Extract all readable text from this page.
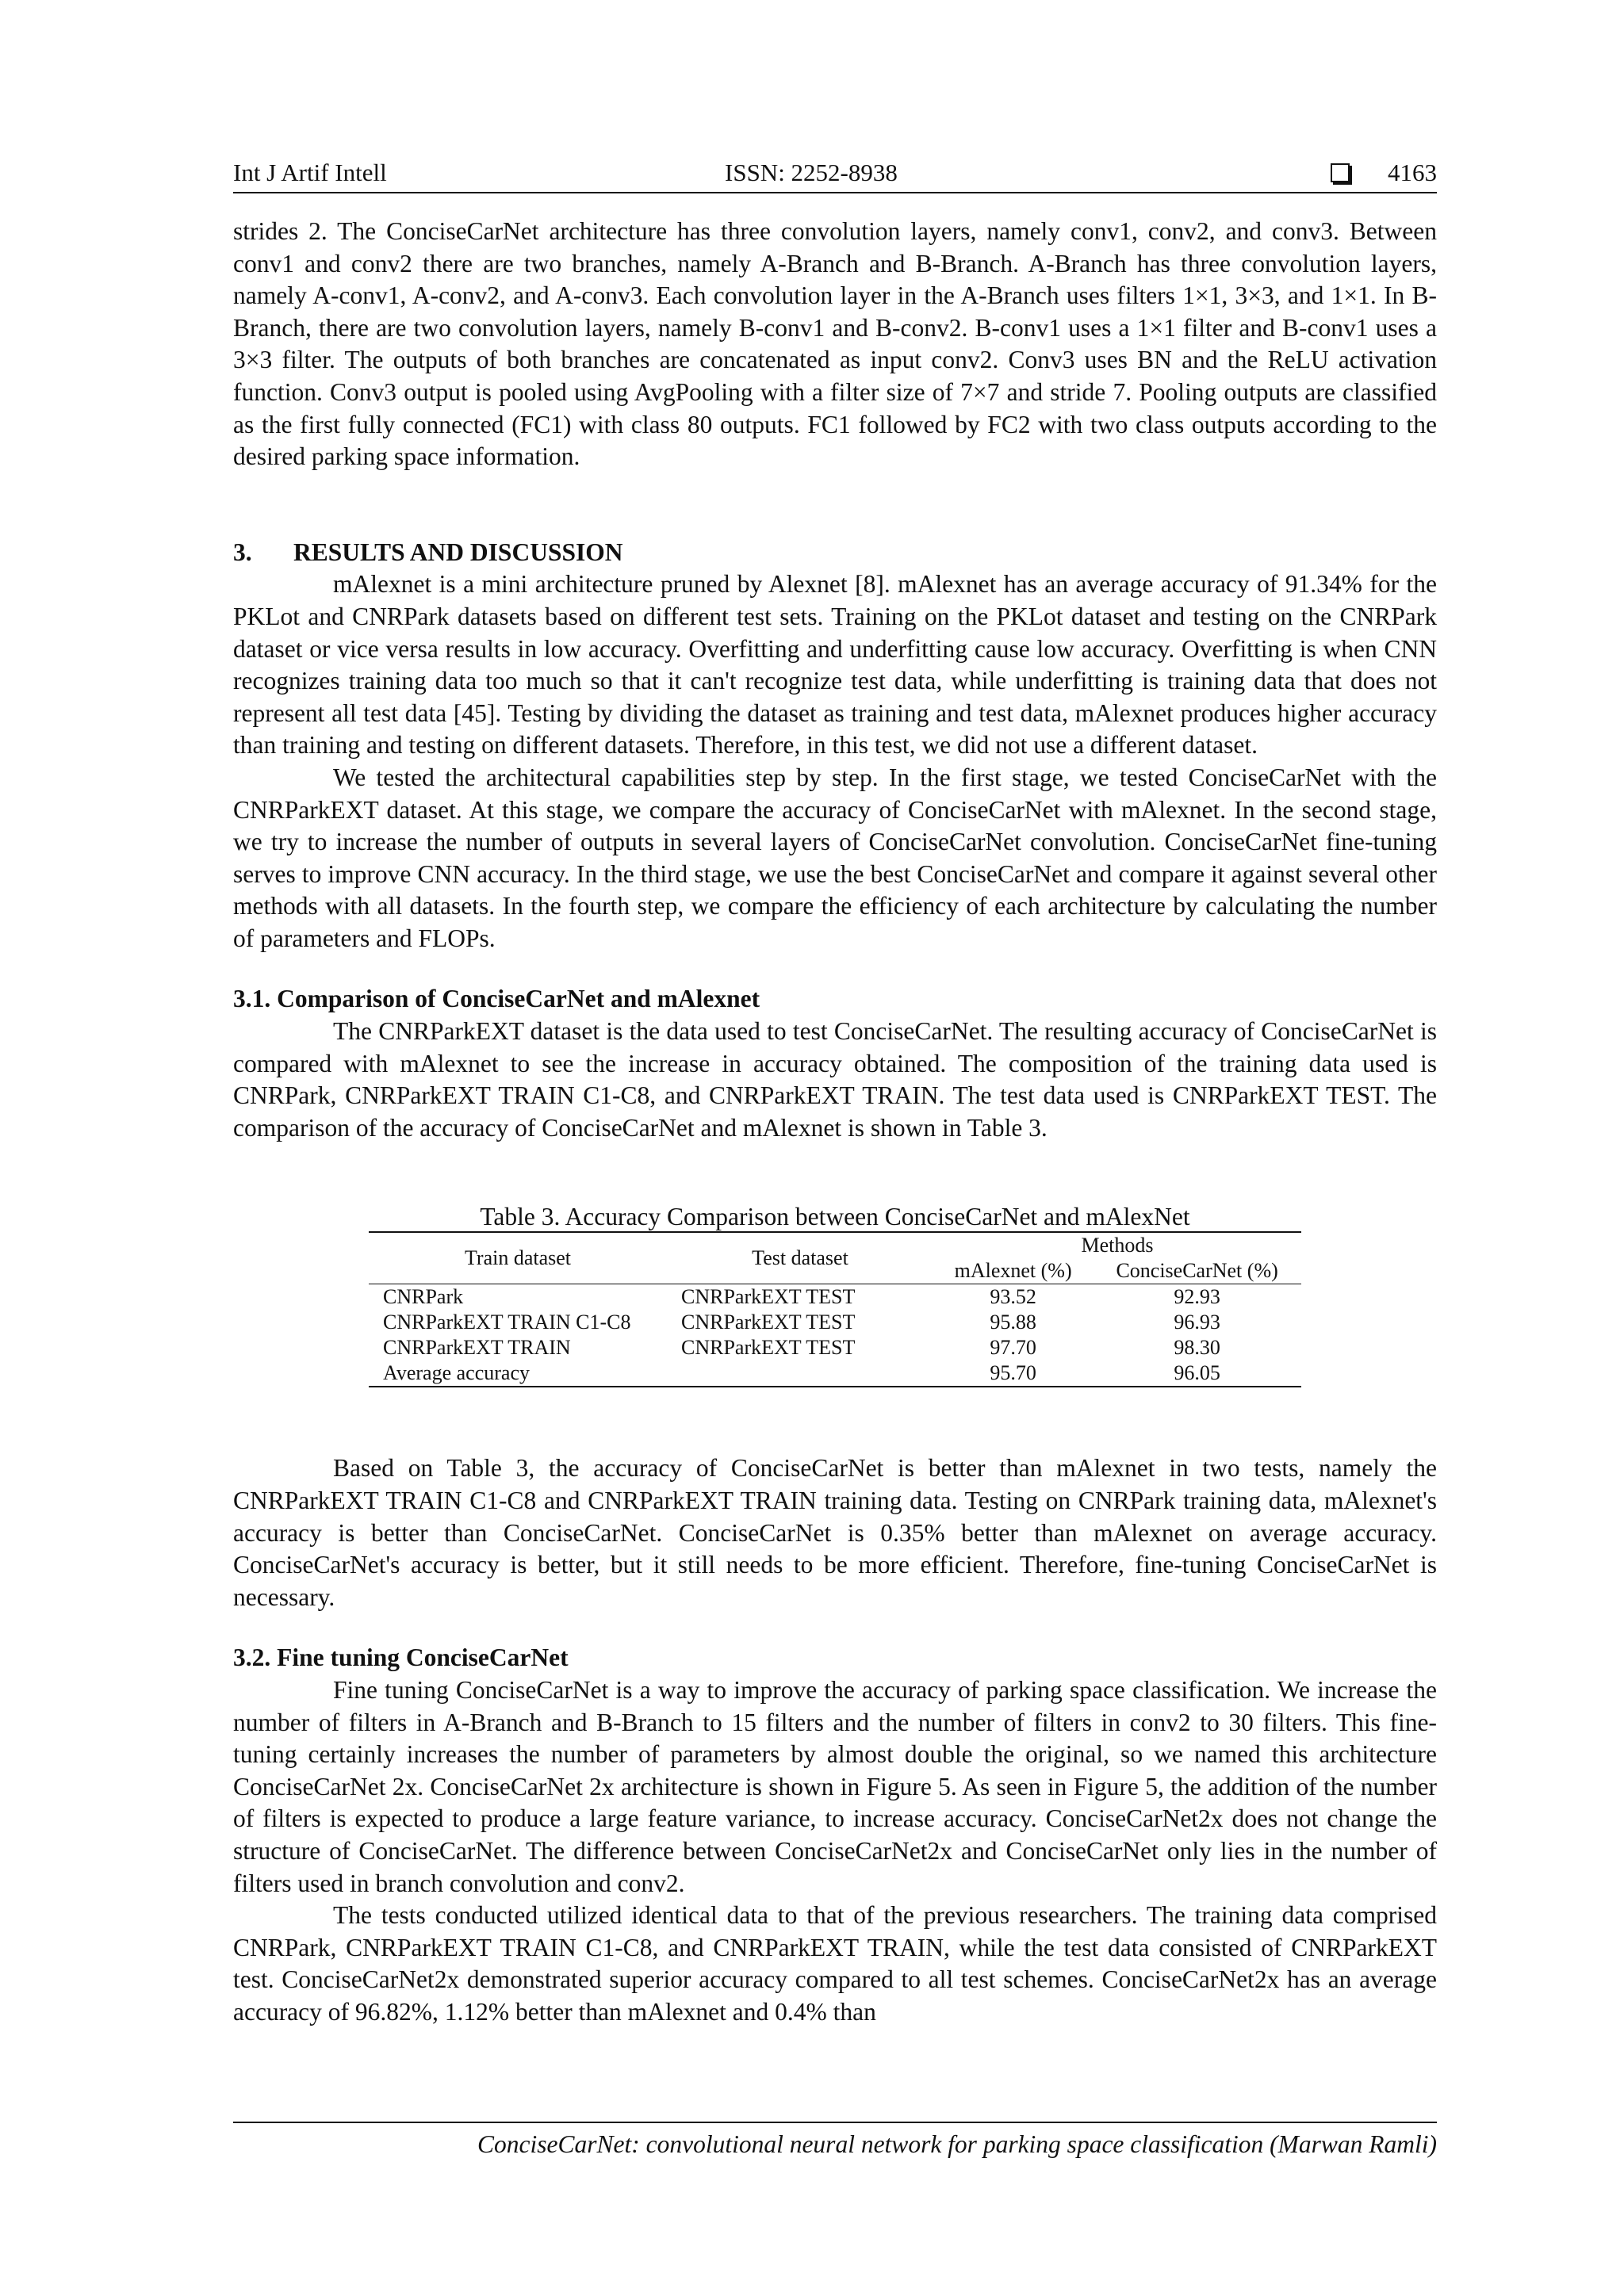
Int J Artif Intell	ISSN: 2252-8938	4163

strides 2. The ConciseCarNet architecture has three convolution layers, namely conv1, conv2, and conv3. Between conv1 and conv2 there are two branches, namely A-Branch and B-Branch. A-Branch has three convolution layers, namely A-conv1, A-conv2, and A-conv3. Each convolution layer in the A-Branch uses filters 1×1, 3×3, and 1×1. In B-Branch, there are two convolution layers, namely B-conv1 and B-conv2. B-conv1 uses a 1×1 filter and B-conv1 uses a 3×3 filter. The outputs of both branches are concatenated as input conv2. Conv3 uses BN and the ReLU activation function. Conv3 output is pooled using AvgPooling with a filter size of 7×7 and stride 7. Pooling outputs are classified as the first fully connected (FC1) with class 80 outputs. FC1 followed by FC2 with two class outputs according to the desired parking space information.

3. RESULTS AND DISCUSSION

mAlexnet is a mini architecture pruned by Alexnet [8]. mAlexnet has an average accuracy of 91.34% for the PKLot and CNRPark datasets based on different test sets. Training on the PKLot dataset and testing on the CNRPark dataset or vice versa results in low accuracy. Overfitting and underfitting cause low accuracy. Overfitting is when CNN recognizes training data too much so that it can't recognize test data, while underfitting is training data that does not represent all test data [45]. Testing by dividing the dataset as training and test data, mAlexnet produces higher accuracy than training and testing on different datasets. Therefore, in this test, we did not use a different dataset.

We tested the architectural capabilities step by step. In the first stage, we tested ConciseCarNet with the CNRParkEXT dataset. At this stage, we compare the accuracy of ConciseCarNet with mAlexnet. In the second stage, we try to increase the number of outputs in several layers of ConciseCarNet convolution. ConciseCarNet fine-tuning serves to improve CNN accuracy. In the third stage, we use the best ConciseCarNet and compare it against several other methods with all datasets. In the fourth step, we compare the efficiency of each architecture by calculating the number of parameters and FLOPs.

3.1. Comparison of ConciseCarNet and mAlexnet

The CNRParkEXT dataset is the data used to test ConciseCarNet. The resulting accuracy of ConciseCarNet is compared with mAlexnet to see the increase in accuracy obtained. The composition of the training data used is CNRPark, CNRParkEXT TRAIN C1-C8, and CNRParkEXT TRAIN. The test data used is CNRParkEXT TEST. The comparison of the accuracy of ConciseCarNet and mAlexnet is shown in Table 3.

Table 3. Accuracy Comparison between ConciseCarNet and mAlexNet
Train dataset	Test dataset	Methods	
		mAlexnet (%)	ConciseCarNet (%)
CNRPark	CNRParkEXT TEST	93.52	92.93
CNRParkEXT TRAIN C1-C8	CNRParkEXT TEST	95.88	96.93
CNRParkEXT TRAIN	CNRParkEXT TEST	97.70	98.30
Average accuracy		95.70	96.05

Based on Table 3, the accuracy of ConciseCarNet is better than mAlexnet in two tests, namely the CNRParkEXT TRAIN C1-C8 and CNRParkEXT TRAIN training data. Testing on CNRPark training data, mAlexnet's accuracy is better than ConciseCarNet. ConciseCarNet is 0.35% better than mAlexnet on average accuracy. ConciseCarNet's accuracy is better, but it still needs to be more efficient. Therefore, fine-tuning ConciseCarNet is necessary.

3.2. Fine tuning ConciseCarNet

Fine tuning ConciseCarNet is a way to improve the accuracy of parking space classification. We increase the number of filters in A-Branch and B-Branch to 15 filters and the number of filters in conv2 to 30 filters. This fine-tuning certainly increases the number of parameters by almost double the original, so we named this architecture ConciseCarNet 2x. ConciseCarNet 2x architecture is shown in Figure 5. As seen in Figure 5, the addition of the number of filters is expected to produce a large feature variance, to increase accuracy. ConciseCarNet2x does not change the structure of ConciseCarNet. The difference between ConciseCarNet2x and ConciseCarNet only lies in the number of filters used in branch convolution and conv2.

The tests conducted utilized identical data to that of the previous researchers. The training data comprised CNRPark, CNRParkEXT TRAIN C1-C8, and CNRParkEXT TRAIN, while the test data consisted of CNRParkEXT test. ConciseCarNet2x demonstrated superior accuracy compared to all test schemes. ConciseCarNet2x has an average accuracy of 96.82%, 1.12% better than mAlexnet and 0.4% than

ConciseCarNet: convolutional neural network for parking space classification (Marwan Ramli)
